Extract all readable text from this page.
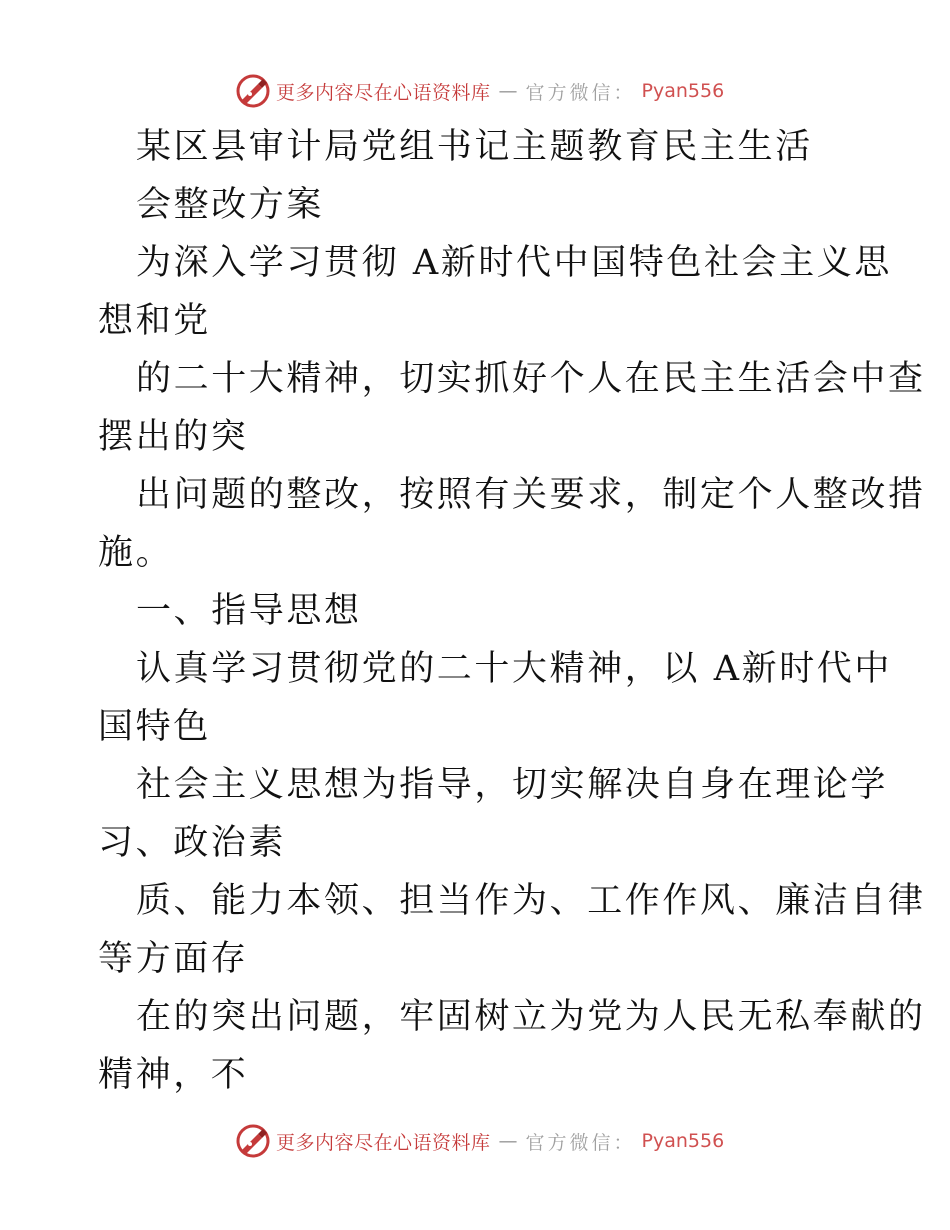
更多内容尽在心语资料库 — 官方微信： Pyan556
某区县审计局党组书记主题教育民主生活
会整改方案
为深入学习贯彻 A新时代中国特色社会主义思
想和党
的二十大精神，切实抓好个人在民主生活会中查
摆出的突
出问题的整改，按照有关要求，制定个人整改措
施。
一、指导思想
认真学习贯彻党的二十大精神，以 A新时代中
国特色
社会主义思想为指导，切实解决自身在理论学
习、政治素
质、能力本领、担当作为、工作作风、廉洁自律
等方面存
在的突出问题，牢固树立为党为人民无私奉献的
精神，不
更多内容尽在心语资料库 — 官方微信： Pyan556
